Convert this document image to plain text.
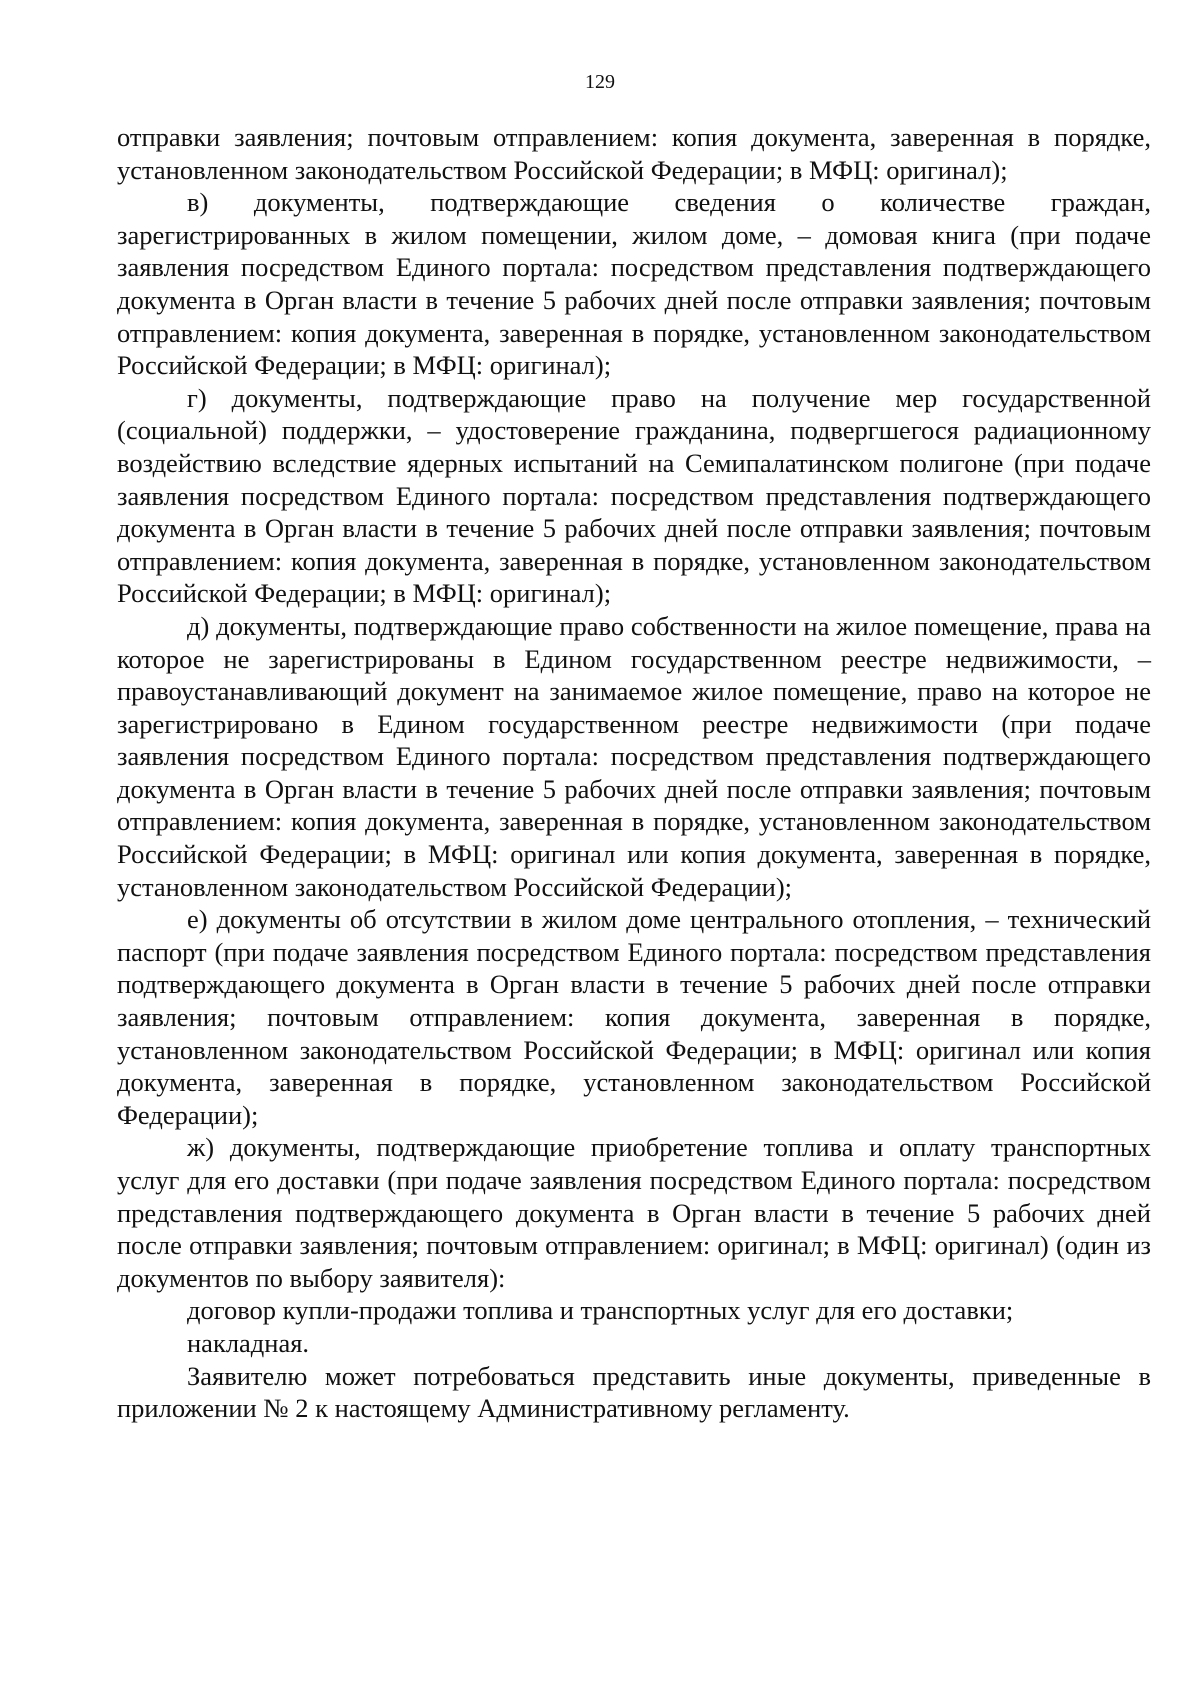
129

отправки заявления; почтовым отправлением: копия документа, заверенная в порядке, установленном законодательством Российской Федерации; в МФЦ: оригинал);

в) документы, подтверждающие сведения о количестве граждан, зарегистрированных в жилом помещении, жилом доме, – домовая книга (при подаче заявления посредством Единого портала: посредством представления подтверждающего документа в Орган власти в течение 5 рабочих дней после отправки заявления; почтовым отправлением: копия документа, заверенная в порядке, установленном законодательством Российской Федерации; в МФЦ: оригинал);

г) документы, подтверждающие право на получение мер государственной (социальной) поддержки, – удостоверение гражданина, подвергшегося радиационному воздействию вследствие ядерных испытаний на Семипалатинском полигоне (при подаче заявления посредством Единого портала: посредством представления подтверждающего документа в Орган власти в течение 5 рабочих дней после отправки заявления; почтовым отправлением: копия документа, заверенная в порядке, установленном законодательством Российской Федерации; в МФЦ: оригинал);

д) документы, подтверждающие право собственности на жилое помещение, права на которое не зарегистрированы в Едином государственном реестре недвижимости, – правоустанавливающий документ на занимаемое жилое помещение, право на которое не зарегистрировано в Едином государственном реестре недвижимости (при подаче заявления посредством Единого портала: посредством представления подтверждающего документа в Орган власти в течение 5 рабочих дней после отправки заявления; почтовым отправлением: копия документа, заверенная в порядке, установленном законодательством Российской Федерации; в МФЦ: оригинал или копия документа, заверенная в порядке, установленном законодательством Российской Федерации);

е) документы об отсутствии в жилом доме центрального отопления, – технический паспорт (при подаче заявления посредством Единого портала: посредством представления подтверждающего документа в Орган власти в течение 5 рабочих дней после отправки заявления; почтовым отправлением: копия документа, заверенная в порядке, установленном законодательством Российской Федерации; в МФЦ: оригинал или копия документа, заверенная в порядке, установленном законодательством Российской Федерации);

ж) документы, подтверждающие приобретение топлива и оплату транспортных услуг для его доставки (при подаче заявления посредством Единого портала: посредством представления подтверждающего документа в Орган власти в течение 5 рабочих дней после отправки заявления; почтовым отправлением: оригинал; в МФЦ: оригинал) (один из документов по выбору заявителя):

договор купли-продажи топлива и транспортных услуг для его доставки;

накладная.

Заявителю может потребоваться представить иные документы, приведенные в приложении № 2 к настоящему Административному регламенту.
